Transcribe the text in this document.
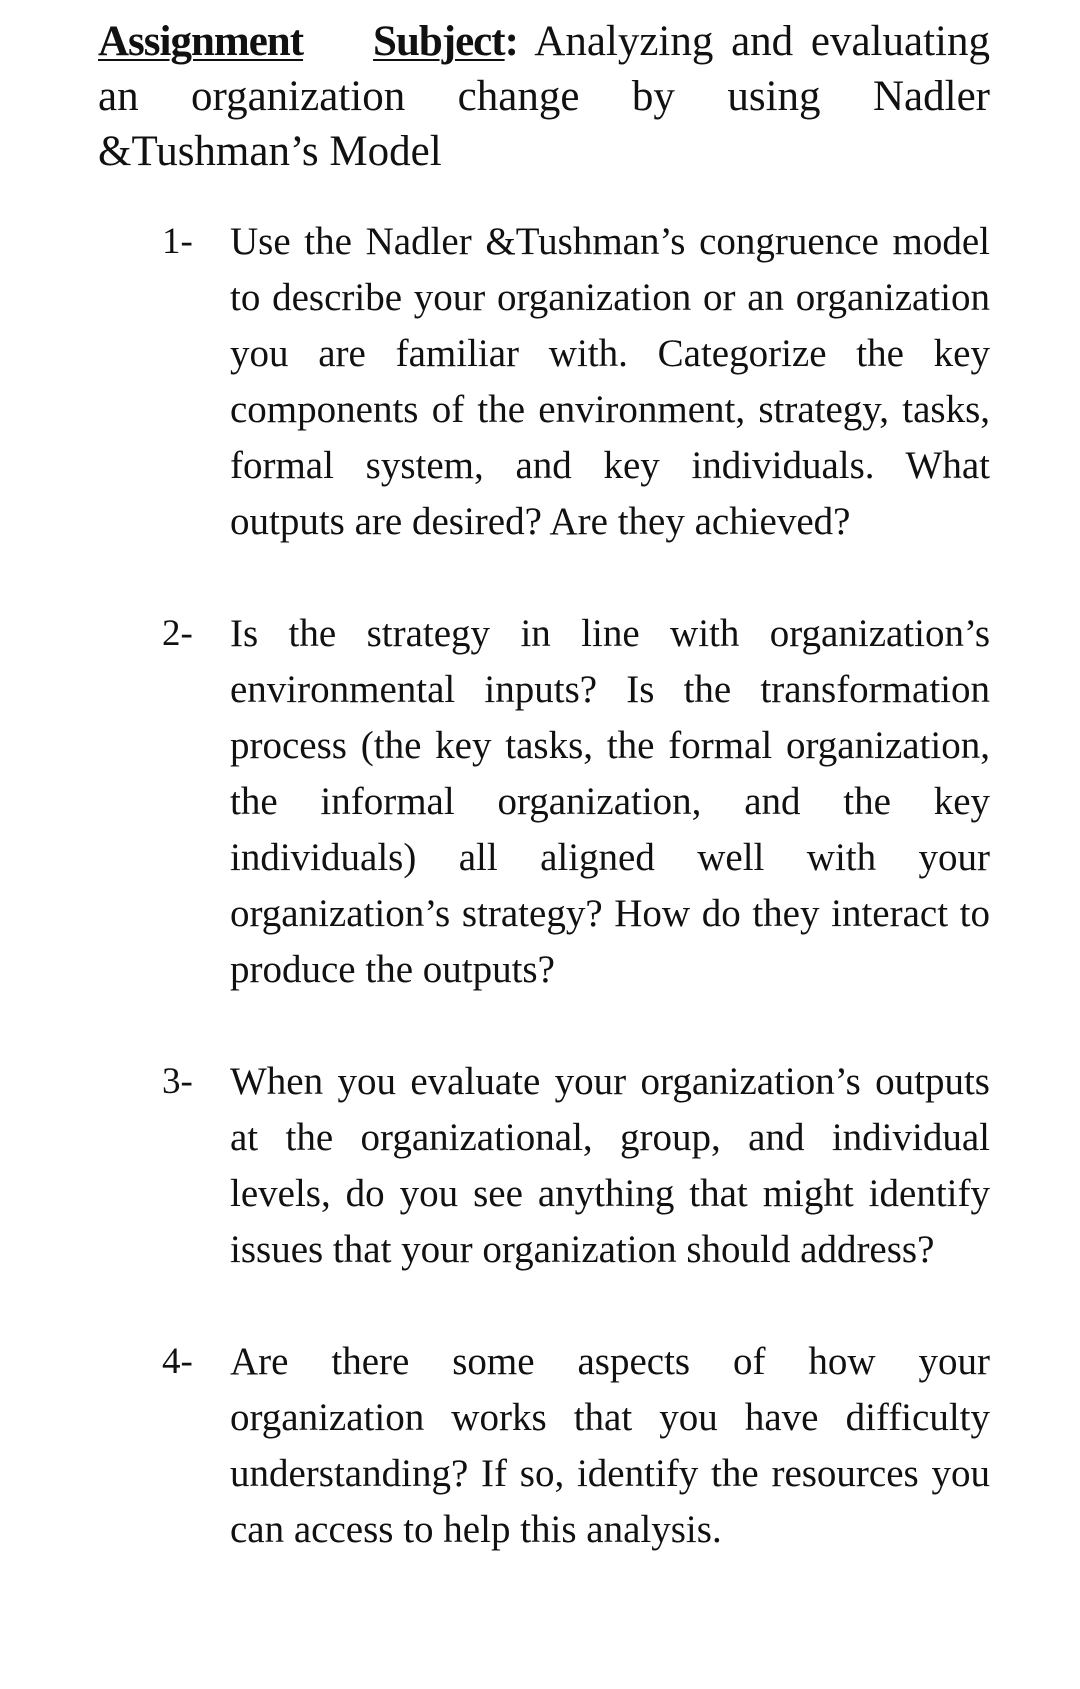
Assignment Subject: Analyzing and evaluating an organization change by using Nadler &Tushman’s Model

1- Use the Nadler &Tushman’s congruence model to describe your organization or an organization you are familiar with. Categorize the key components of the environment, strategy, tasks, formal system, and key individuals. What outputs are desired? Are they achieved?
2- Is the strategy in line with organization’s environmental inputs? Is the transformation process (the key tasks, the formal organization, the informal organization, and the key individuals) all aligned well with your organization’s strategy? How do they interact to produce the outputs?
3- When you evaluate your organization’s outputs at the organizational, group, and individual levels, do you see anything that might identify issues that your organization should address?
4- Are there some aspects of how your organization works that you have difficulty understanding? If so, identify the resources you can access to help this analysis.
